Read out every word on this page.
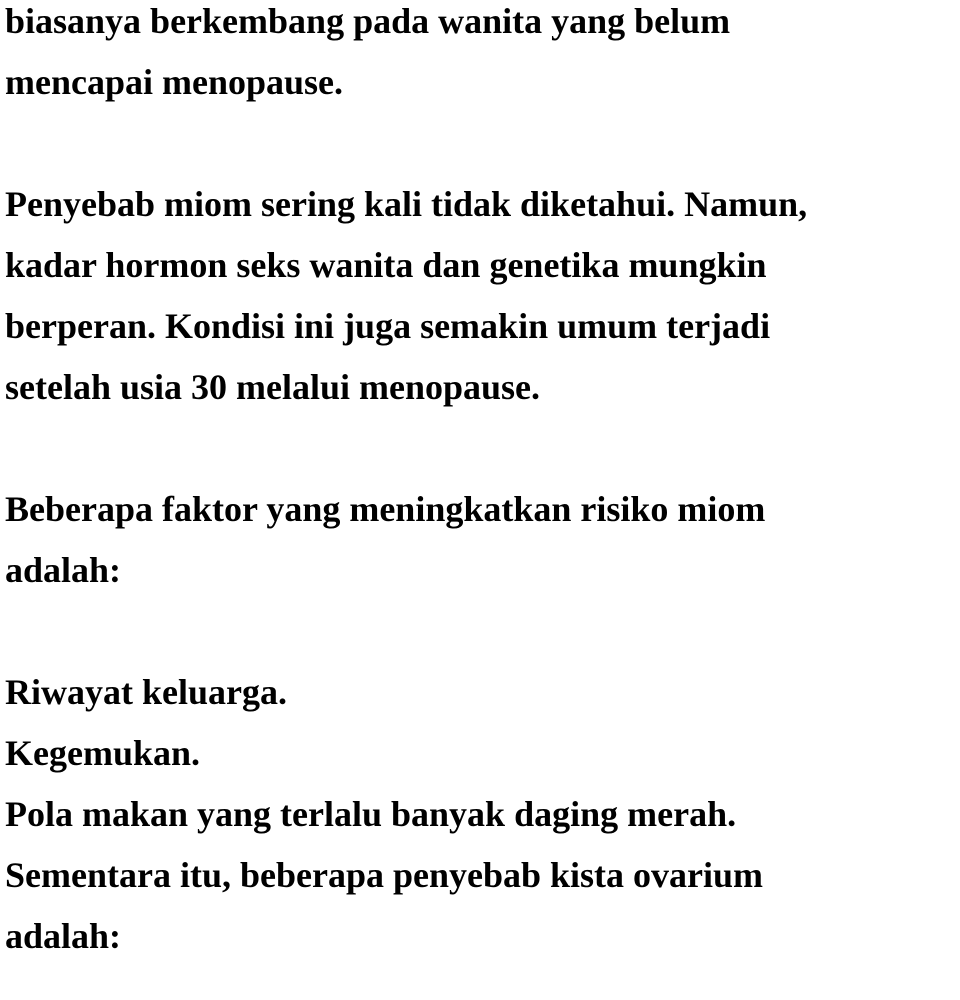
biasanya berkembang pada wanita yang belum
mencapai menopause.
Penyebab miom sering kali tidak diketahui. Namun,
kadar hormon seks wanita dan genetika mungkin
berperan. Kondisi ini juga semakin umum terjadi
setelah usia 30 melalui menopause.
Beberapa faktor yang meningkatkan risiko miom
adalah:
Riwayat keluarga.
Kegemukan.
Pola makan yang terlalu banyak daging merah.
Sementara itu, beberapa penyebab kista ovarium
adalah:
